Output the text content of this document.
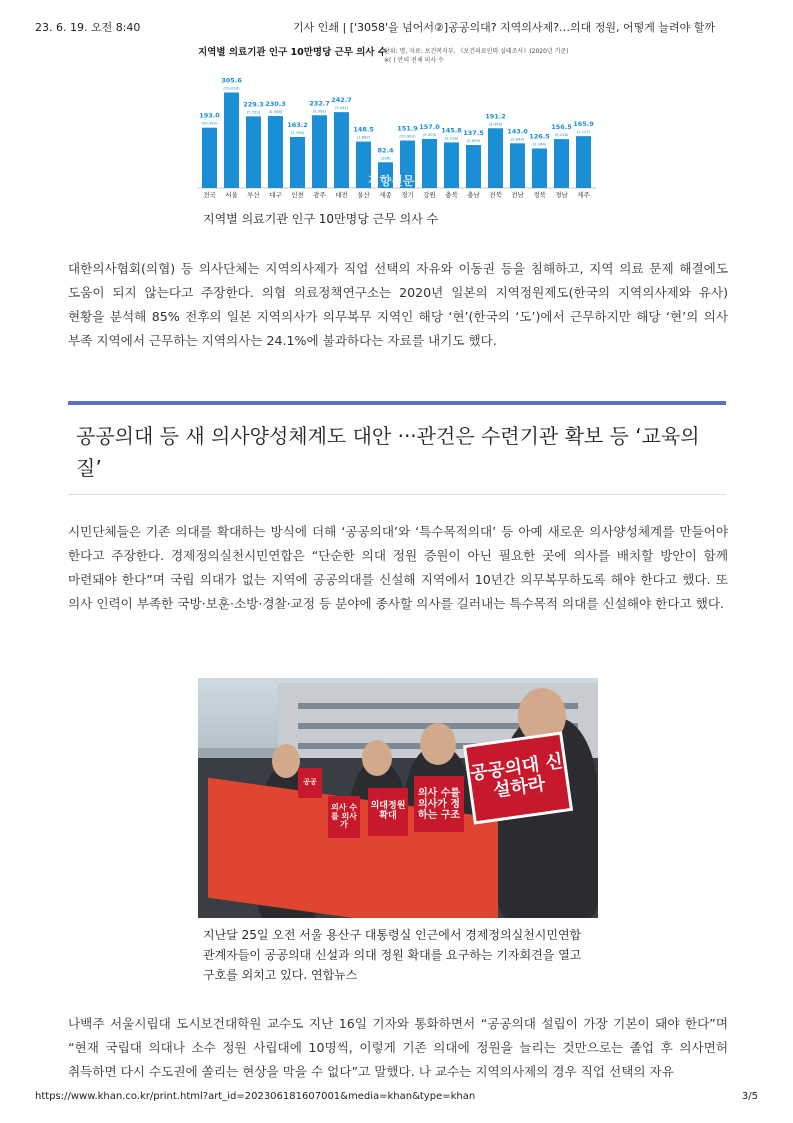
23. 6. 19. 오전 8:40	기사 인쇄 | ['3058'을 넘어서②]공공의대? 지역의사제?…의대 정원, 어떻게 늘려야 할까
지역별 의료기관 인구 10만명당 근무 의사 수
단위: 명, 자료: 보건복지부, 《보건의료인력 실태조사》(2020년 기준)
※( ) 안의 전체 의사 수
193.0
(99,492)
전국
305.6
(29,036)
서울
229.3
(7,720)
부산
230.3
(5,568)
대구
163.2
(4,760)
인천
232.7
(3,361)
광주
242.7
(3,541)
대전
148.5
(1,687)
울산
82.4
(296)
세종
151.9
(20,983)
경기
157.0
(2,403)
강원
145.8
(2,318)
충북
137.5
(2,895)
충남
191.2
(3,446)
전북
143.0
(2,640)
전남
126.5
(3,364)
경북
156.5
(5,216)
경남
165.9
(1,127)
제주
경향신문
지역별 의료기관 인구 10만명당 근무 의사 수

대한의사협회(의협) 등 의사단체는 지역의사제가 직업 선택의 자유와 이동권 등을 침해하고, 지역 의료 문제 해결에도 도움이 되지 않는다고 주장한다. 의협 의료정책연구소는 2020년 일본의 지역정원제도(한국의 지역의사제와 유사) 현황을 분석해 85% 전후의 일본 지역의사가 의무복무 지역인 해당 ‘현’(한국의 ‘도’)에서 근무하지만 해당 ‘현’의 의사 부족 지역에서 근무하는 지역의사는 24.1%에 불과하다는 자료를 내기도 했다.

공공의대 등 새 의사양성체계도 대안 ···관건은 수련기관 확보 등 ‘교육의 질’

시민단체들은 기존 의대를 확대하는 방식에 더해 ‘공공의대’와 ‘특수목적의대’ 등 아예 새로운 의사양성체계를 만들어야 한다고 주장한다. 경제정의실천시민연합은 “단순한 의대 정원 증원이 아닌 필요한 곳에 의사를 배치할 방안이 함께 마련돼야 한다”며 국립 의대가 없는 지역에 공공의대를 신설해 지역에서 10년간 의무복무하도록 해야 한다고 했다. 또 의사 인력이 부족한 국방·보훈·소방·경찰·교정 등 분야에 종사할 의사를 길러내는 특수목적 의대를 신설해야 한다고 했다.

공공의대 신설하라
의사 수를 의사가 정하는 구조
의대정원 확대
의사 수를 의사가
공공
지난달 25일 오전 서울 용산구 대통령실 인근에서 경제정의실천시민연합 관계자들이 공공의대 신설과 의대 정원 확대를 요구하는 기자회견을 열고 구호를 외치고 있다. 연합뉴스

나백주 서울시립대 도시보건대학원 교수도 지난 16일 기자와 통화하면서 “공공의대 설립이 가장 기본이 돼야 한다”며 “현재 국립대 의대나 소수 정원 사립대에 10명씩, 이렇게 기존 의대에 정원을 늘리는 것만으로는 졸업 후 의사면허 취득하면 다시 수도권에 쏠리는 현상을 막을 수 없다”고 말했다. 나 교수는 지역의사제의 경우 직업 선택의 자유

https://www.khan.co.kr/print.html?art_id=202306181607001&media=khan&type=khan	3/5
